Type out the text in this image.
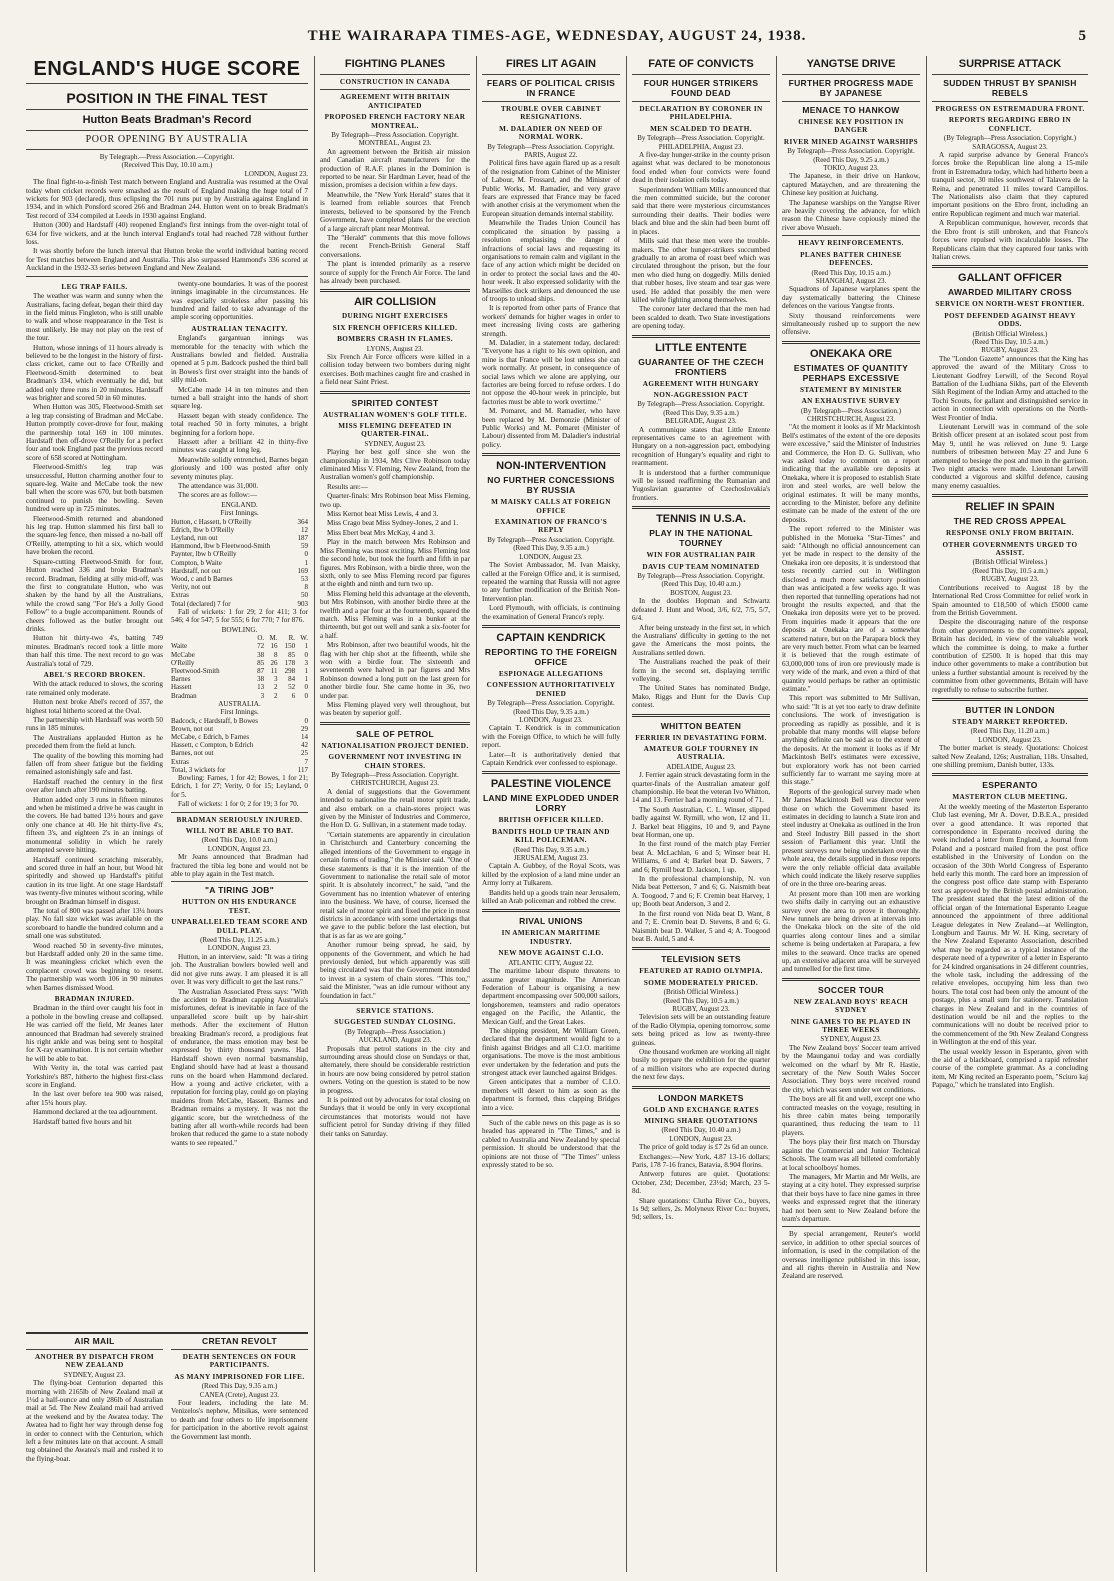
THE WAIRARAPA TIMES-AGE, WEDNESDAY, AUGUST 24, 1938.	5
ENGLAND'S HUGE SCORE
POSITION IN THE FINAL TEST
Hutton Beats Bradman's Record
POOR OPENING BY AUSTRALIA
By Telegraph.—Press Association.—Copyright.
(Received This Day, 10.10 a.m.)
LONDON, August 23.

The final fight-to-a-finish Test match between England and Australia was resumed at the Oval today when cricket records were smashed as the result of England making the huge total of 7 wickets for 903 (declared), thus eclipsing the 701 runs put up by Australia against England in 1934, and in which Ponsford scored 266 and Bradman 244. Hutton went on to break Bradman's Test record of 334 compiled at Leeds in 1930 against England.

Hutton (300) and Hardstaff (40) reopened England's first innings from the over-night total of 634 for five wickets, and at the lunch interval England's total had reached 728 without further loss.

It was shortly before the lunch interval that Hutton broke the world individual batting record for Test matches between England and Australia. This also surpassed Hammond's 336 scored at Auckland in the 1932-33 series between England and New Zealand.

LEG TRAP FAILS.

The weather was warm and sunny when the Australians, facing defeat, began their third day in the field minus Fingleton, who is still unable to walk and whose reappearance in the Test is most unlikely. He may not play on the rest of the tour.

Hutton, whose innings of 11 hours already is believed to be the longest in the history of first-class cricket, came out to face O'Reilly and Fleetwood-Smith determined to beat Bradman's 334, which eventually he did, but added only three runs in 20 minutes. Hardstaff was brighter and scored 50 in 60 minutes.

When Hutton was 305, Fleetwood-Smith set a leg trap consisting of Bradman and McCabe. Hutton promptly cover-drove for four, making the partnership total 169 in 100 minutes. Hardstaff then off-drove O'Reilly for a perfect four and took England past the previous record score of 658 scored at Nottingham.

Fleetwood-Smith's leg trap was unsuccessful, Hutton charming another four to square-leg. Waite and McCabe took the new ball when the score was 670, but both batsmen continued to punish the bowling. Seven hundred were up in 725 minutes.

Fleetwood-Smith returned and abandoned his leg trap. Hutton slammed his first ball to the square-leg fence, then missed a no-ball off O'Reilly, attempting to hit a six, which would have broken the record.

Square-cutting Fleetwood-Smith for four, Hutton reached 336 and broke Bradman's record. Bradman, fielding at silly mid-off, was the first to congratulate Hutton, who was shaken by the hand by all the Australians, while the crowd sang "For He's a Jolly Good Fellow" to a bugle accompaniment. Rounds of cheers followed as the butler brought out drinks.

Hutton hit thirty-two 4's, batting 749 minutes. Bradman's record took a little more than half this time. The next record to go was Australia's total of 729.

ABEL'S RECORD BROKEN.

With the attack reduced to slows, the scoring rate remained only moderate.

Hutton next broke Abel's record of 357, the highest total hitherto scored at the Oval.

The partnership with Hardstaff was worth 50 runs in 185 minutes.

The Australians applauded Hutton as he preceded them from the field at lunch.

The quality of the bowling this morning had fallen off from sheer fatigue but the fielding remained astonishingly safe and fast.

Hardstaff reached the century in the first over after lunch after 190 minutes batting.

Hutton added only 3 runs in fifteen minutes and when he mistimed a drive he was caught in the covers. He had batted 13½ hours and gave only one chance at 40. He hit thirty-five 4's, fifteen 3's, and eighteen 2's in an innings of monumental solidity in which he rarely attempted severe hitting.

Hardstaff continued scratching miserably, and scored three in half an hour, but Wood hit spiritedly and showed up Hardstaff's pitiful caution in its true light. At one stage Hardstaff was twenty-five minutes without scoring, while brought on Bradman himself in disgust.

The total of 800 was passed after 13¼ hours play. No fall size wicket was available on the scoreboard to handle the hundred column and a small one was substituted.

Wood reached 50 in seventy-five minutes, but Hardstaff added only 20 in the same time. It was meaningless cricket which even the complacent crowd was beginning to resent. The partnership was worth 106 in 90 minutes when Barnes dismissed Wood.

BRADMAN INJURED.

Bradman in the third over caught his foot in a pothole in the bowling crease and collapsed. He was carried off the field, Mr Jeanes later announced that Bradman had severely strained his right ankle and was being sent to hospital for X-ray examination. It is not certain whether he will be able to bat.

With Verity in, the total was carried past Yorkshire's 887, hitherto the highest first-class score in England.

In the last over before tea 900 was raised, after 15¼ hours play.

Hammond declared at the tea adjournment.

Hardstaff batted five hours and hit

twenty-one boundaries. It was of the poorest innings imaginable in the circumstances. He was especially strokeless after passing his hundred and failed to take advantage of the ample scoring opportunities.

AUSTRALIAN TENACITY.

England's gargantuan innings was memorable for the tenacity with which the Australians bowled and fielded. Australia opened at 5 p.m. Badcock pushed the third ball in Bowes's first over straight into the hands of silly mid-on.

McCabe made 14 in ten minutes and then turned a ball straight into the hands of short square leg.

Hassett began with steady confidence. The total reached 50 in forty minutes, a bright beginning for a forlorn hope.

Hassett after a brilliant 42 in thirty-five minutes was caught at long leg.

Meanwhile solidly entrenched, Barnes began gloriously and 100 was posted after only seventy minutes play.

The attendance was 31,000.

The scores are as follow:—

ENGLAND.
First Innings.
Hutton, c Hassett, b O'Reilly	364
Edrich, lbw b O'Reilly	12
Leyland, run out	187
Hammond, lbw b Fleetwood-Smith	59
Paynter, lbw b O'Reilly	0
Compton, b Waite	1
Hardstaff, not out	169
Wood, c and b Barnes	53
Verity, not out	8
Extras	50
Total (declared) 7 for	903

Fall of wickets: 1 for 29; 2 for 411; 3 for 546; 4 for 547; 5 for 555; 6 for 770; 7 for 876.

BOWLING.
	O.	M.	R.	W.
Waite	72	16	150	1
McCabe	38	8	85	0
O'Reilly	85	26	178	3
Fleetwood-Smith	87	11	298	1
Barnes	38	3	84	1
Hassett	13	2	52	0
Bradman	3	2	6	0
AUSTRALIA.
First Innings.
Badcock, c Hardstaff, b Bowes	0
Brown, not out	29
McCabe, c Edrich, b Farnes	14
Hassett, c Compton, b Edrich	42
Barnes, not out	25
Extras	7
Total, 3 wickets for	117

Bowling: Farnes, 1 for 42; Bowes, 1 for 21; Edrich, 1 for 27; Verity, 0 for 15; Leyland, 0 for 5.

Fall of wickets: 1 for 0; 2 for 19; 3 for 70.

BRADMAN SERIOUSLY INJURED.
WILL NOT BE ABLE TO BAT.
(Reed This Day, 10.0 a.m.)
LONDON, August 23.

Mr Jeans announced that Bradman had fractured the tibia leg bone and would not be able to play again in the Test match.

"A TIRING JOB"
HUTTON ON HIS ENDURANCE TEST.
UNPARALLELED TEAM SCORE AND DULL PLAY.
(Reed This Day, 11.25 a.m.)
LONDON, August 23.

Hutton, in an interview, said: "It was a tiring job. The Australian bowlers bowled well and did not give runs away. I am pleased it is all over. It was very difficult to get the last runs."

The Australian Associated Press says: "With the accident to Bradman capping Australia's misfortunes, defeat is inevitable in face of the unparalleled score built up by hair-shirt methods. After the excitement of Hutton breaking Bradman's record, a prodigious feat of endurance, the mass emotion may best be expressed by thirty thousand yawns. Had Hardstaff shown even normal batsmanship, England should have had at least a thousand runs on the board when Hammond declared. How a young and active cricketer, with a reputation for forcing play, could go on playing maidens from McCabe, Hassett, Barnes and Bradman remains a mystery. It was not the gigantic score, but the wretchedness of the batting after all worth-while records had been broken that reduced the game to a state nobody wants to see repeated."

AIR MAIL
ANOTHER BY DISPATCH FROM NEW ZEALAND
SYDNEY, August 23.

The flying-boat Centurion departed this morning with 2165lb of New Zealand mail at 1¼d a half-ounce and only 286lb of Australian mail at 5d. The New Zealand mail had arrived at the weekend and by the Awatea today. The Awatea had to fight her way through dense fog in order to connect with the Centurion, which left a few minutes late on that account. A small tug obtained the Awatea's mail and rushed it to the flying-boat.

CRETAN REVOLT
DEATH SENTENCES ON FOUR PARTICIPANTS.
AS MANY IMPRISONED FOR LIFE.
(Reed This Day, 9.35 a.m.)
CANEA (Crete), August 23.

Four leaders, including the late M. Venizelos's nephew, Mitsikas, were sentenced to death and four others to life imprisonment for participation in the abortive revolt against the Government last month.

FIGHTING PLANES
CONSTRUCTION IN CANADA
AGREEMENT WITH BRITAIN ANTICIPATED
PROPOSED FRENCH FACTORY NEAR MONTREAL.
By Telegraph—Press Association. Copyright.
MONTREAL, August 23.

An agreement between the British air mission and Canadian aircraft manufacturers for the production of R.A.F. planes in the Dominion is reported to be near. Sir Hardman Lever, head of the mission, promises a decision within a few days.

Meanwhile, the "New York Herald" states that it is learned from reliable sources that French interests, believed to be sponsored by the French Government, have completed plans for the erection of a large aircraft plant near Montreal.

The "Herald" comments that this move follows the recent French-British General Staff conversations.

The plant is intended primarily as a reserve source of supply for the French Air Force. The land has already been purchased.

AIR COLLISION
DURING NIGHT EXERCISES
SIX FRENCH OFFICERS KILLED.
BOMBERS CRASH IN FLAMES.
LYONS, August 23.

Six French Air Force officers were killed in a collision today between two bombers during night exercises. Both machines caught fire and crashed in a field near Saint Priest.

SPIRITED CONTEST
AUSTRALIAN WOMEN'S GOLF TITLE.
MISS FLEMING DEFEATED IN QUARTER-FINAL.
SYDNEY, August 23.

Playing her best golf since she won the championship in 1934, Mrs Clive Robinson today eliminated Miss V. Fleming, New Zealand, from the Australian women's golf championship.

Results are:—

Quarter-finals: Mrs Robinson beat Miss Fleming, two up.

Miss Kernot beat Miss Lewis, 4 and 3.

Miss Crago beat Miss Sydney-Jones, 2 and 1.

Miss Ebert beat Mrs McKay, 4 and 3.

Play in the match between Mrs Robinson and Miss Fleming was most exciting. Miss Fleming lost the second hole, but took the fourth and fifth in par figures. Mrs Robinson, with a birdie three, won the sixth, only to see Miss Fleming record par figures at the eighth and ninth and turn two up.

Miss Fleming held this advantage at the eleventh, but Mrs Robinson, with another birdie three at the twelfth and a par four at the fourteenth, squared the match. Miss Fleming was in a bunker at the thirteenth, but got out well and sank a six-footer for a half.

Mrs Robinson, after two beautiful woods, hit the flag with her chip shot at the fifteenth, while she won with a birdie four. The sixteenth and seventeenth were halved in par figures and Mrs Robinson downed a long putt on the last green for another birdie four. She came home in 36, two under par.

Miss Fleming played very well throughout, but was beaten by superior golf.

SALE OF PETROL
NATIONALISATION PROJECT DENIED.
GOVERNMENT NOT INVESTING IN CHAIN STORES.
By Telegraph—Press Association. Copyright.
CHRISTCHURCH, August 23.

A denial of suggestions that the Government intended to nationalise the retail motor spirit trade, and also embark on a chain-stores project was given by the Minister of Industries and Commerce, the Hon D. G. Sullivan, in a statement made today.

"Certain statements are apparently in circulation in Christchurch and Canterbury concerning the alleged intentions of the Government to engage in certain forms of trading," the Minister said. "One of these statements is that it is the intention of the Government to nationalise the retail sale of motor spirit. It is absolutely incorrect," he said, "and the Government has no intention whatever of entering into the business. We have, of course, licensed the retail sale of motor spirit and fixed the price in most districts in accordance with some undertakings that we gave to the public before the last election, but that is as far as we are going."

Another rumour being spread, he said, by opponents of the Government, and which he had previously denied, but which apparently was still being circulated was that the Government intended to invest in a system of chain stores. "This too," said the Minister, "was an idle rumour without any foundation in fact."

SERVICE STATIONS.
SUGGESTED SUNDAY CLOSING.
(By Telegraph—Press Association.)
AUCKLAND, August 23.

Proposals that petrol stations in the city and surrounding areas should close on Sundays or that, alternately, there should be considerable restriction in hours are now being considered by petrol station owners. Voting on the question is stated to be now in progress.

It is pointed out by advocates for total closing on Sundays that it would be only in very exceptional circumstances that motorists would not have sufficient petrol for Sunday driving if they filled their tanks on Saturday.

FIRES LIT AGAIN
FEARS OF POLITICAL CRISIS IN FRANCE
TROUBLE OVER CABINET RESIGNATIONS.
M. DALADIER ON NEED OF NORMAL WORK.
By Telegraph—Press Association. Copyright.
PARIS, August 22.

Political fires have again flared up as a result of the resignation from Cabinet of the Minister of Labour, M. Frossard, and the Minister of Public Works, M. Ramadier, and very grave fears are expressed that France may be faced with another crisis at the verymoment when the European situation demands internal stability.

Meanwhile the Trades Union Council has complicated the situation by passing a resolution emphasising the danger of infractions of social laws and requesting its organisations to remain calm and vigilant in the face of any action which might be decided on in order to protect the social laws and the 40-hour week. It also expressed solidarity with the Marseilles dock strikers and denounced the use of troops to unload ships.

It is reported from other parts of France that workers' demands for higher wages in order to meet increasing living costs are gathering strength.

M. Daladier, in a statement today, declared: "Everyone has a right to his own opinion, and mine is that France will be lost unless she can work normally. At present, in consequence of social laws which we alone are applying, our factories are being forced to refuse orders. I do not oppose the 40-hour week in principle, but factories must be able to work overtime."

M. Pomaret, and M. Ramadier, who have been replaced by M. Demonzie (Minister of Public Works) and M. Pomaret (Minister of Labour) dissented from M. Daladier's industrial policy.

NON-INTERVENTION
NO FURTHER CONCESSIONS BY RUSSIA
M MAISKY CALLS AT FOREIGN OFFICE
EXAMINATION OF FRANCO'S REPLY
By Telegraph—Press Association. Copyright.
(Reed This Day, 9.35 a.m.)
LONDON, August 23.

The Soviet Ambassador, M. Ivan Maisky, called at the Foreign Office and, it is surmised, repeated the warning that Russia will not agree to any further modification of the British Non-Intervention plan.

Lord Plymouth, with officials, is continuing the examination of General Franco's reply.

CAPTAIN KENDRICK
REPORTING TO THE FOREIGN OFFICE
ESPIONAGE ALLEGATIONS
CONFESSION AUTHORITATIVELY DENIED
By Telegraph—Press Association. Copyright.
(Reed This Day, 9.35 a.m.)
LONDON, August 23.

Captain T. Kendrick is in communication with the Foreign Office, to which he will fully report.

Later—It is authoritatively denied that Captain Kendrick ever confessed to espionage.

PALESTINE VIOLENCE
LAND MINE EXPLODED UNDER LORRY
BRITISH OFFICER KILLED.
BANDITS HOLD UP TRAIN AND KILL POLICEMAN.
(Reed This Day, 9.35 a.m.)
JERUSALEM, August 23.

Captain A. Gubbey, of the Royal Scots, was killed by the explosion of a land mine under an Army lorry at Tulkarem.

Bandits held up a goods train near Jerusalem, killed an Arab policeman and robbed the crew.

RIVAL UNIONS
IN AMERICAN MARITIME INDUSTRY.
NEW MOVE AGAINST C.I.O.
ATLANTIC CITY, August 22.

The maritime labour dispute threatens to assume greater magnitude. The American Federation of Labour is organising a new department encompassing over 500,000 sailors, longshoremen, teamsters and radio operators engaged on the Pacific, the Atlantic, the Mexican Gulf, and the Great Lakes.

The shipping president, Mr William Green, declared that the department would fight to a finish against Bridges and all C.I.O. maritime organisations. The move is the most ambitious ever undertaken by the federation and puts the strongest attack ever launched against Bridges.

Green anticipates that a number of C.I.O. members will desert to him as soon as the department is formed, thus clapping Bridges into a vice.

Such of the cable news on this page as is so headed has appeared in "The Times," and is cabled to Australia and New Zealand by special permission. It should be understood that the opinions are not those of "The Times" unless expressly stated to be so.

FATE OF CONVICTS
FOUR HUNGER STRIKERS FOUND DEAD
DECLARATION BY CORONER IN PHILADELPHIA.
MEN SCALDED TO DEATH.
By Telegraph—Press Association. Copyright.
PHILADELPHIA, August 23.

A five-day hunger-strike in the county prison against what was declared to be monotonous food ended when four convicts were found dead in their isolation cells today.

Superintendent William Mills announced that the men committed suicide, but the coroner said that there were mysterious circumstances surrounding their deaths. Their bodies were black and blue and the skin had been burnt off in places.

Mills said that these men were the trouble-makers. The other hunger-strikers succumbed gradually to an aroma of roast beef which was circulated throughout the prison, but the four men who died hung on doggedly. Mills denied that rubber hoses, live steam and tear gas were used. He added that possibly the men were killed while fighting among themselves.

The coroner later declared that the men had been scalded to death. Two State investigations are opening today.

LITTLE ENTENTE
GUARANTEE OF THE CZECH FRONTIERS
AGREEMENT WITH HUNGARY
NON-AGGRESSION PACT
By Telegraph—Press Association. Copyright.
(Reed This Day, 9.35 a.m.)
BELGRADE, August 23.

A communique states that Little Entente representatives came to an agreement with Hungary on a non-aggression pact, embodying recognition of Hungary's equality and right to rearmament.

It is understood that a further communique will be issued reaffirming the Rumanian and Yugoslavian guarantee of Czechoslovakia's frontiers.

TENNIS IN U.S.A.
PLAY IN THE NATIONAL TOURNEY
WIN FOR AUSTRALIAN PAIR
DAVIS CUP TEAM NOMINATED
By Telegraph—Press Association. Copyright.
(Reed This Day, 10.40 a.m.)
BOSTON, August 23.

In the doubles Hopman and Schwartz defeated J. Hunt and Wood, 3/6, 6/2, 7/5, 5/7, 6/4.

After being unsteady in the first set, in which the Australians' difficulty in getting to the net gave the Americans the most points, the Australians settled down.

The Australians reached the peak of their form in the second set, displaying terrific volleying.

The United States has nominated Budge, Mako, Riggs and Hunt for the Davis Cup contest.

WHITTON BEATEN
FERRIER IN DEVASTATING FORM.
AMATEUR GOLF TOURNEY IN AUSTRALIA.
ADELAIDE, August 23.

J. Ferrier again struck devastating form in the quarter-finals of the Australian amateur golf championship. He beat the veteran Ivo Whitton, 14 and 13. Ferrier had a morning round of 71.

The South Australian, C. L. Winser, slipped badly against W. Rymill, who won, 12 and 11. J. Barkel beat Higgins, 10 and 9, and Payne beat Horman, one up.

In the first round of the match play Ferrier beat A. McLachlan, 6 and 5; Winser beat H. Williams, 6 and 4; Barkel beat D. Sawers, 7 and 6; Rymill beat D. Jackson, 1 up.

In the professional championship, N. von Nida beat Petterson, 7 and 6; G. Naismith beat A. Toogood, 7 and 6; F. Cremin beat Harvey, 1 up; Booth beat Anderson, 3 and 2.

In the first round von Nida beat D. Want, 8 and 7; E. Cremin beat D. Stevens, 8 and 6; G. Naismith beat D. Walker, 5 and 4; A. Toogood beat B. Auld, 5 and 4.

TELEVISION SETS
FEATURED AT RADIO OLYMPIA.
SOME MODERATELY PRICED.
(British Official Wireless.)
(Reed This Day, 10.5 a.m.)
RUGBY, August 23.

Television sets will be an outstanding feature of the Radio Olympia, opening tomorrow, some sets being priced as low as twenty-three guineas.

One thousand workmen are working all night busily to prepare the exhibition for the quarter of a million visitors who are expected during the next few days.

LONDON MARKETS
GOLD AND EXCHANGE RATES
MINING SHARE QUOTATIONS
(Reed This Day, 10.40 a.m.)
LONDON, August 23.

The price of gold today is £7 2s 6d an ounce.

Exchanges:—New York, 4.87 13-16 dollars; Paris, 178 7-16 francs, Batavia, 8.904 florins.

Antwerp futures are quiet. Quotations: October, 23d; December, 23½d; March, 23 5-8d.

Share quotations: Clutha River Co., buyers, 1s 9d; sellers, 2s. Molyneux River Co.: buyers, 9d; sellers, 1s.

YANGTSE DRIVE
FURTHER PROGRESS MADE BY JAPANESE
MENACE TO HANKOW
CHINESE KEY POSITION IN DANGER
RIVER MINED AGAINST WARSHIPS
By Telegraph—Press Association. Copyright.
(Reed This Day, 9.25 a.m.)
TOKIO, August 23.

The Japanese, in their drive on Hankow, captured Mataychen, and are threatening the Chinese key position at Juichang.

The Japanese warships on the Yangtse River are heavily covering the advance, for which reason the Chinese have copiously mined the river above Wusueh.

HEAVY REINFORCEMENTS.
PLANES BATTER CHINESE DEFENCES.
(Reed This Day, 10.15 a.m.)
SHANGHAI, August 23.

Squadrons of Japanese warplanes spent the day systematically battering the Chinese defences on the various Yangtse fronts.

Sixty thousand reinforcements were simultaneously rushed up to support the new offensive.

ONEKAKA ORE
ESTIMATES OF QUANTITY PERHAPS EXCESSIVE
STATEMENT BY MINISTER
AN EXHAUSTIVE SURVEY
(By Telegraph—Press Association.)
CHRISTCHURCH, August 23.

"At the moment it looks as if Mr Mackintosh Bell's estimates of the extent of the ore deposits were excessive," said the Minister of Industries and Commerce, the Hon D. G. Sullivan, who was asked today to comment on a report indicating that the available ore deposits at Onekaka, where it is proposed to establish State iron and steel works, are well below the original estimates. It will be many months, according to the Minister, before any definite estimate can be made of the extent of the ore deposits.

The report referred to the Minister was published in the Motueka "Star-Times" and said: "Although no official announcement can yet be made in respect to the density of the Onekaka iron ore deposits, it is understood that tests recently carried out in Wellington disclosed a much more satisfactory position than was anticipated a few weeks ago. It was then reported that tunnelling operations had not brought the results expected, and that the Onekaka iron deposits were yet to be proved. From inquiries made it appears that the ore deposits at Onekaka are of a somewhat scattered nature, but on the Parapara block they are very much better. From what can be learned it is believed that the rough estimate of 63,000,000 tons of iron ore previously made is very wide of the mark, and even a third of that quantity would perhaps be rather an optimistic estimate."

This report was submitted to Mr Sullivan, who said: "It is at yet too early to draw definite conclusions. The work of investigation is proceeding as rapidly as possible, and it is probable that many months will elapse before anything definite can be said as to the extent of the deposits. At the moment it looks as if Mr Mackintosh Bell's estimates were excessive, but exploratory work has not been carried sufficiently far to warrant me saying more at this stage."

Reports of the geological survey made when Mr James Mackintosh Bell was director were those on which the Government based its estimates in deciding to launch a State iron and steel industry at Onekaka as outlined in the Iron and Steel Industry Bill passed in the short session of Parliament this year. Until the present surveys now being undertaken over the whole area, the details supplied in those reports were the only reliable official data available which could indicate the likely reserve supplies of ore in the three ore-bearing areas.

At present more than 100 men are working two shifts daily in carrying out an exhaustive survey over the area to prove it thoroughly. New tunnels are being driven at intervals into the Onekaka block on the site of the old quarries along contour lines and a similar scheme is being undertaken at Parapara, a few miles to the seaward. Once tracks are opened up, an extensive adjacent area will be surveyed and tunnelled for the first time.

SOCCER TOUR
NEW ZEALAND BOYS' REACH SYDNEY
NINE GAMES TO BE PLAYED IN THREE WEEKS
SYDNEY, August 23.

The New Zealand boys' Soccer team arrived by the Maunganui today and was cordially welcomed on the wharf by Mr R. Hastie, secretary of the New South Wales Soccer Association. They boys were received round the city, which was seen under wet conditions.

The boys are all fit and well, except one who contracted measles on the voyage, resulting in his three cabin mates being temporarily quarantined, thus reducing the team to 11 players.

The boys play their first match on Thursday against the Commercial and Junior Technical Schools. The team was all billeted comfortably at local schoolboys' homes.

The managers, Mr Martin and Mr Wells, are staying at a city hotel. They expressed surprise that their boys have to face nine games in three weeks and expressed regret that the itinerary had not been sent to New Zealand before the team's departure.

By special arrangement, Reuter's world service, in addition to other special sources of information, is used in the compilation of the overseas intelligence published in this issue, and all rights therein in Australia and New Zealand are reserved.

SURPRISE ATTACK
SUDDEN THRUST BY SPANISH REBELS
PROGRESS ON ESTREMADURA FRONT.
REPORTS REGARDING EBRO IN CONFLICT.
(By Telegraph—Press Association. Copyright.)
SARAGOSSA, August 23.

A rapid surprise advance by General Franco's forces broke the Republican line along a 15-mile front in Estremadura today, which had hitherto been a tranquil sector, 30 miles southwest of Talavera de la Reina, and penetrated 11 miles toward Campillos. The Nationalists also claim that they captured important positions on the Ebro front, including an entire Republican regiment and much war material.

A Republican communique, however, records that the Ebro front is still unbroken, and that Franco's forces were repulsed with incalculable losses. The Republicans claim that they captured four tanks with Italian crews.

GALLANT OFFICER
AWARDED MILITARY CROSS
SERVICE ON NORTH-WEST FRONTIER.
POST DEFENDED AGAINST HEAVY ODDS.
(British Official Wireless.)
(Reed This Day, 10.5 a.m.)
RUGBY, August 23.

The "London Gazette" announces that the King has approved the award of the Military Cross to Lieutenant Godfrey Lerwill, of the Second Royal Battalion of the Ludhiana Sikhs, part of the Eleventh Sikh Regiment of the Indian Army and attached to the Tochi Scouts, for gallant and distinguished service in action in connection with operations on the North-West Frontier of India.

Lieutenant Lerwill was in command of the sole British officer present at an isolated scout post from May 9, until he was relieved on June 9. Large numbers of tribesmen between May 27 and June 6 attempted to besiege the post and men in the garrison. Two night attacks were made. Lieutenant Lerwill conducted a vigorous and skilful defence, causing many enemy casualties.

RELIEF IN SPAIN
THE RED CROSS APPEAL
RESPONSE ONLY FROM BRITAIN.
OTHER GOVERNMENTS URGED TO ASSIST.
(British Official Wireless.)
(Reed This Day, 10.5 a.m.)
RUGBY, August 23.

Contributions received to August 18 by the International Red Cross Committee for relief work in Spain amounted to £18,500 of which £5000 came from the British Government.

Despite the discouraging nature of the response from other governments to the committee's appeal, Britain has decided, in view of the valuable work which the committee is doing, to make a further contribution of £2500. It is hoped that this may induce other governments to make a contribution but unless a further substantial amount is received by the committee from other governments, Britain will have regretfully to refuse to subscribe further.

BUTTER IN LONDON
STEADY MARKET REPORTED.
(Reed This Day, 11.20 a.m.)
LONDON, August 23.

The butter market is steady. Quotations: Choicest salted New Zealand, 126s; Australian, 118s. Unsalted, one shilling premium, Danish butter, 133s.

ESPERANTO
MASTERTON CLUB MEETING.

At the weekly meeting of the Masterton Esperanto Club last evening, Mr A. Dover, D.B.E.A., presided over a good attendance. It was reported that correspondence in Esperanto received during the week included a letter from England, a Journal from Poland and a postcard mailed from the post office established in the University of London on the occasion of the 30th World Congress of Esperanto held early this month. The card bore an impression of the congress post office date stamp with Esperanto text as approved by the British postal administration. The president stated that the latest edition of the official organ of the International Esperanto League announced the appointment of three additional League delegates in New Zealand—at Wellington, Longburn and Taurus. Mr W. H. King, secretary of the New Zealand Esperanto Association, described what may be regarded as a typical instance of the desperate need of a typewriter of a letter in Esperanto for 24 kindred organisations in 24 different countries, the whole task, including the addressing of the relative envelopes, occupying him less than two hours. The total cost had been only the amount of the postage, plus a small sum for stationery. Translation charges in New Zealand and in the countries of destination would be nil and the replies to the communications will no doubt be received prior to the commencement of the 9th New Zealand Congress in Wellington at the end of this year.

The usual weekly lesson in Esperanto, given with the aid of a blackboard, comprised a rapid refresher course of the complete grammar. As a concluding item, Mr King recited an Esperanto poem, "Sciuro kaj Papago," which he translated into English.
